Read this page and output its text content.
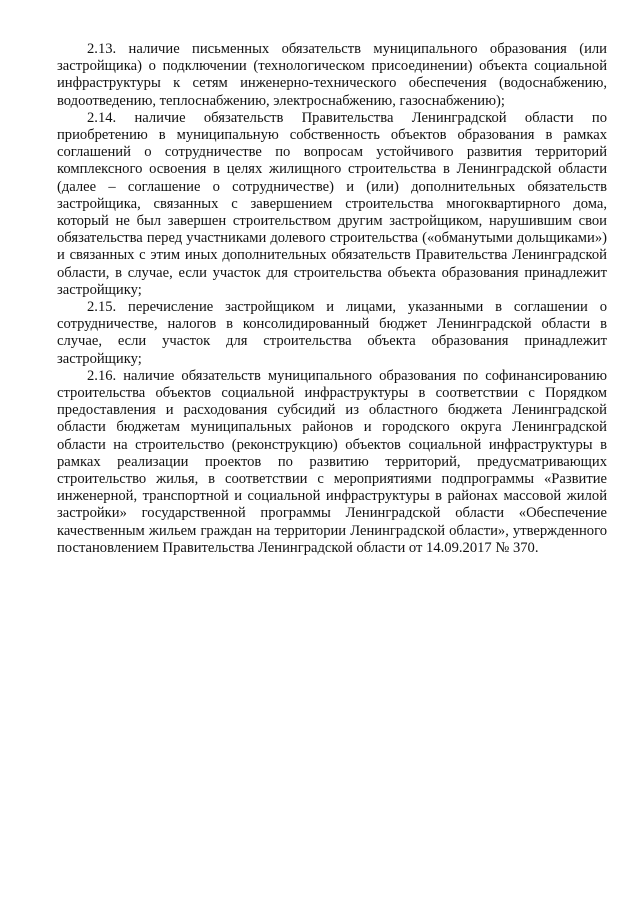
2.13. наличие письменных обязательств муниципального образования (или застройщика) о подключении (технологическом присоединении) объекта социальной инфраструктуры к сетям инженерно-технического обеспечения (водоснабжению, водоотведению, теплоснабжению, электроснабжению, газоснабжению);

2.14. наличие обязательств Правительства Ленинградской области по приобретению в муниципальную собственность объектов образования в рамках соглашений о сотрудничестве по вопросам устойчивого развития территорий комплексного освоения в целях жилищного строительства в Ленинградской области (далее – соглашение о сотрудничестве) и (или) дополнительных обязательств застройщика, связанных с завершением строительства многоквартирного дома, который не был завершен строительством другим застройщиком, нарушившим свои обязательства перед участниками долевого строительства («обманутыми дольщиками») и связанных с этим иных дополнительных обязательств Правительства Ленинградской области, в случае, если участок для строительства объекта образования принадлежит застройщику;

2.15. перечисление застройщиком и лицами, указанными в соглашении о сотрудничестве, налогов в консолидированный бюджет Ленинградской области в случае, если участок для строительства объекта образования принадлежит застройщику;

2.16. наличие обязательств муниципального образования по софинансированию строительства объектов социальной инфраструктуры в соответствии с Порядком предоставления и расходования субсидий из областного бюджета Ленинградской области бюджетам муниципальных районов и городского округа Ленинградской области на строительство (реконструкцию) объектов социальной инфраструктуры в рамках реализации проектов по развитию территорий, предусматривающих строительство жилья, в соответствии с мероприятиями подпрограммы «Развитие инженерной, транспортной и социальной инфраструктуры в районах массовой жилой застройки» государственной программы Ленинградской области «Обеспечение качественным жильем граждан на территории Ленинградской области», утвержденного постановлением Правительства Ленинградской области от 14.09.2017 № 370.
